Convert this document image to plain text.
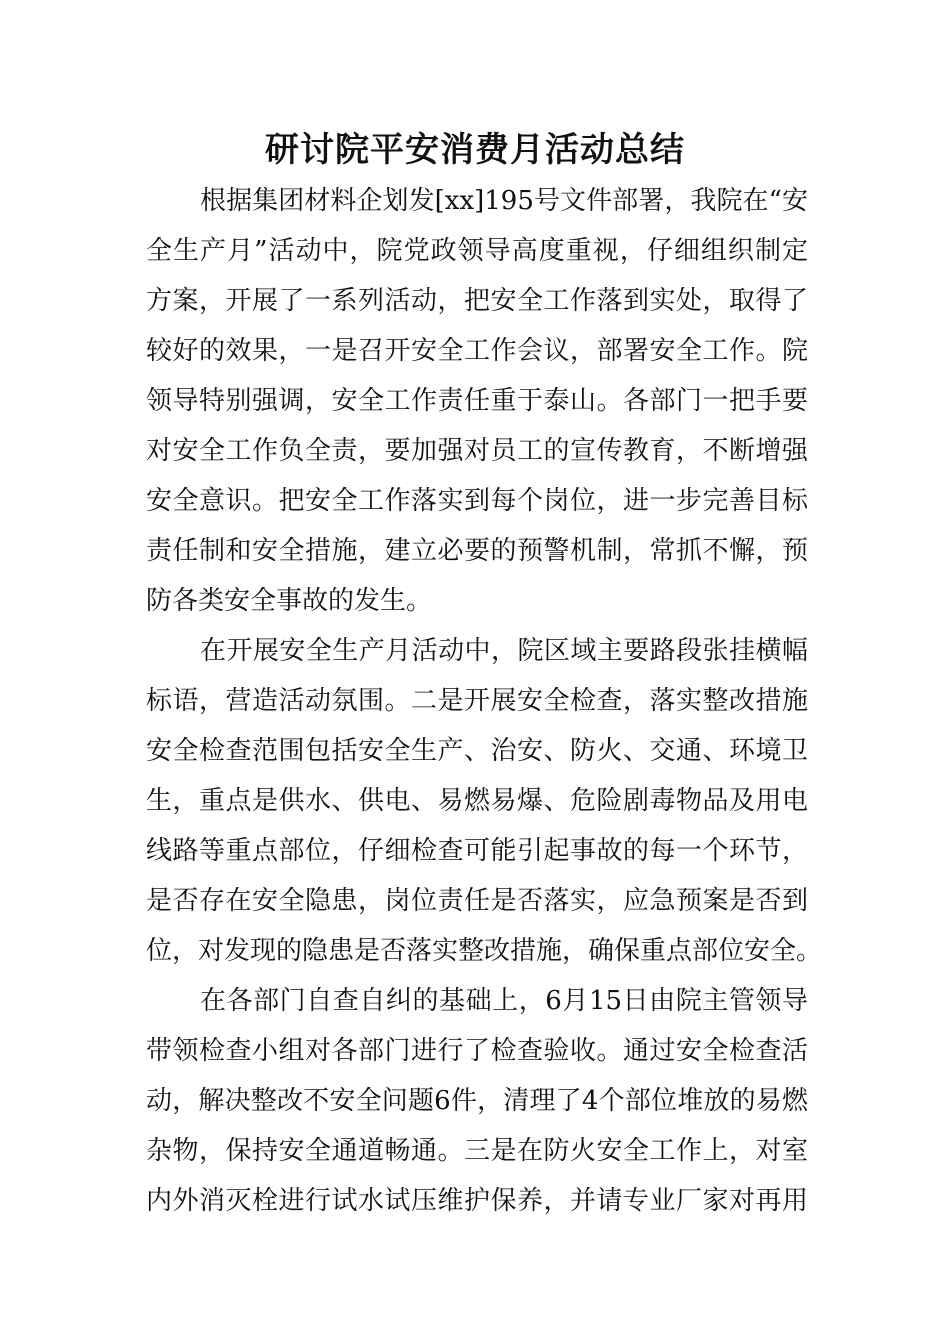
研讨院平安消费月活动总结
根据集团材料企划发[xx]195号文件部署，我院在“安
全生产月”活动中，院党政领导高度重视，仔细组织制定
方案，开展了一系列活动，把安全工作落到实处，取得了
较好的效果，一是召开安全工作会议，部署安全工作。院
领导特别强调，安全工作责任重于泰山。各部门一把手要
对安全工作负全责，要加强对员工的宣传教育，不断增强
安全意识。把安全工作落实到每个岗位，进一步完善目标
责任制和安全措施，建立必要的预警机制，常抓不懈，预
防各类安全事故的发生。
在开展安全生产月活动中，院区域主要路段张挂横幅
标语，营造活动氛围。二是开展安全检查，落实整改措施
安全检查范围包括安全生产、治安、防火、交通、环境卫
生，重点是供水、供电、易燃易爆、危险剧毒物品及用电
线路等重点部位，仔细检查可能引起事故的每一个环节，
是否存在安全隐患，岗位责任是否落实，应急预案是否到
位，对发现的隐患是否落实整改措施，确保重点部位安全。
在各部门自查自纠的基础上，6月15日由院主管领导
带领检查小组对各部门进行了检查验收。通过安全检查活
动，解决整改不安全问题6件，清理了4个部位堆放的易燃
杂物，保持安全通道畅通。三是在防火安全工作上，对室
内外消灭栓进行试水试压维护保养，并请专业厂家对再用
